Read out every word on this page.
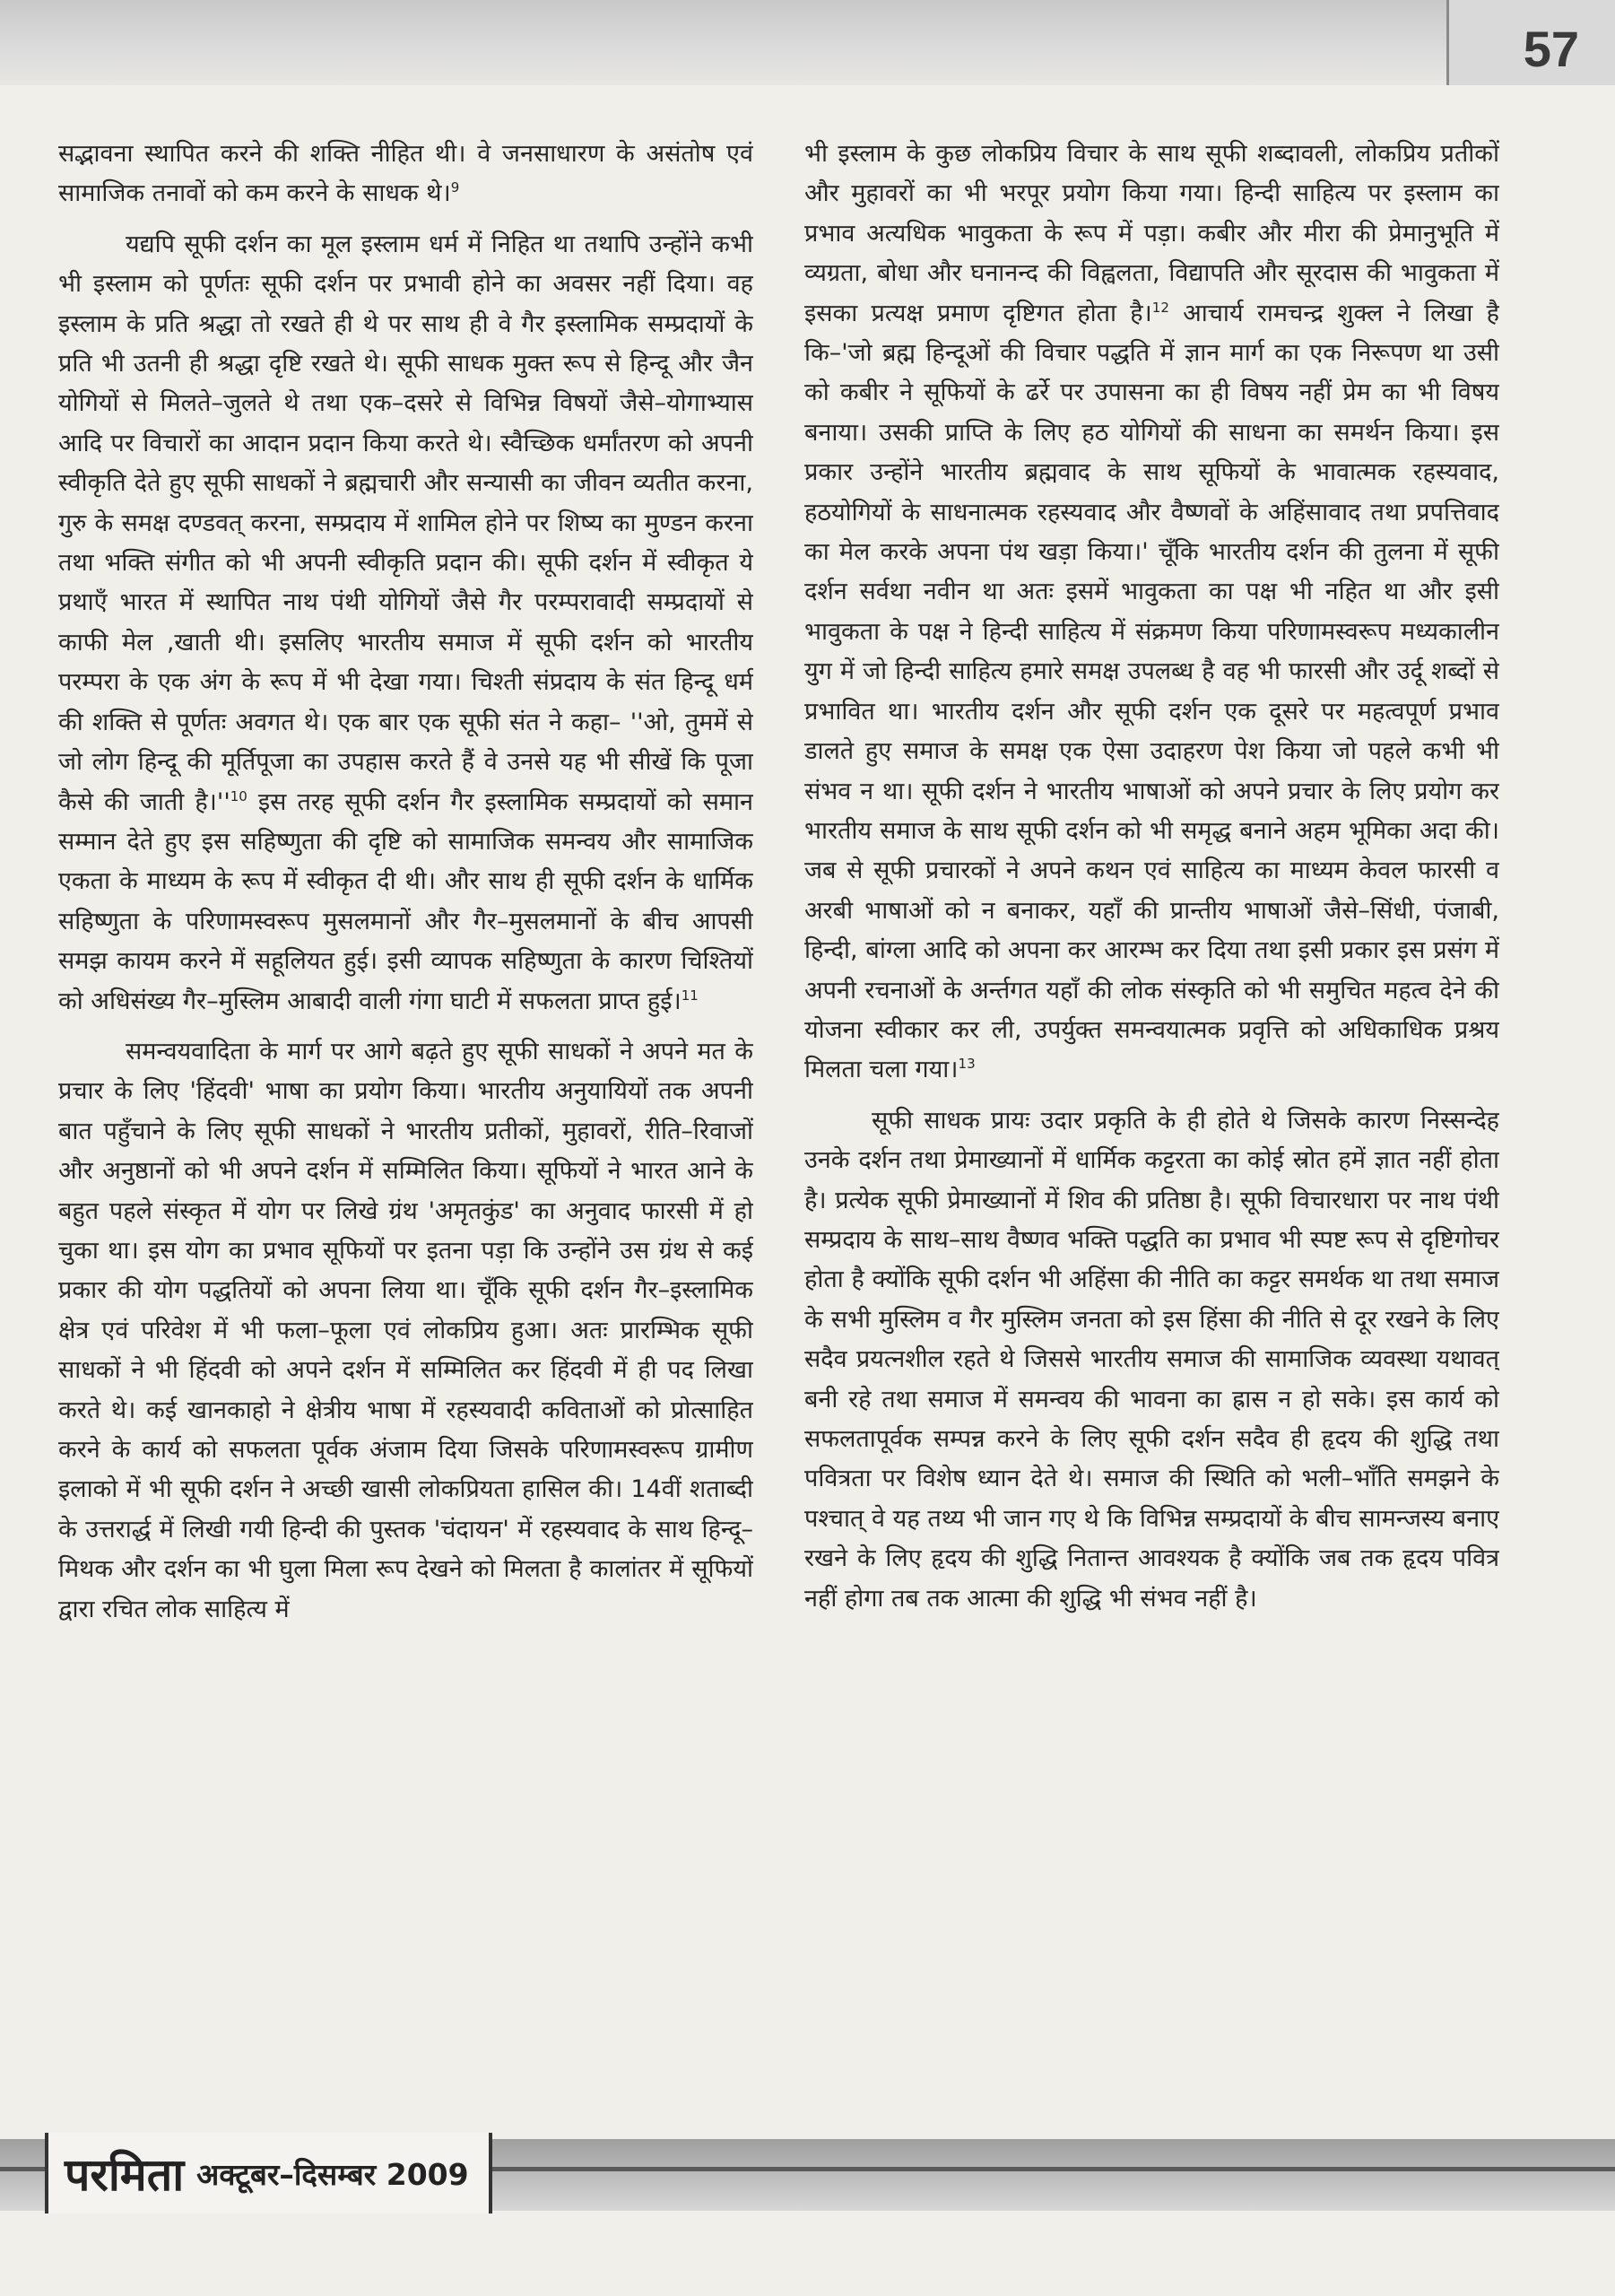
57

सद्भावना स्थापित करने की शक्ति नीहित थी। वे जनसाधारण के असंतोष एवं सामाजिक तनावों को कम करने के साधक थे।$^9$

यद्यपि सूफी दर्शन का मूल इस्लाम धर्म में निहित था तथापि उन्होंने कभी भी इस्लाम को पूर्णतः सूफी दर्शन पर प्रभावी होने का अवसर नहीं दिया। वह इस्लाम के प्रति श्रद्धा तो रखते ही थे पर साथ ही वे गैर इस्लामिक सम्प्रदायों के प्रति भी उतनी ही श्रद्धा दृष्टि रखते थे। सूफी साधक मुक्त रूप से हिन्दू और जैन योगियों से मिलते–जुलते थे तथा एक–दसरे से विभिन्न विषयों जैसे–योगाभ्यास आदि पर विचारों का आदान प्रदान किया करते थे। स्वैच्छिक धर्मांतरण को अपनी स्वीकृति देते हुए सूफी साधकों ने ब्रह्मचारी और सन्यासी का जीवन व्यतीत करना, गुरु के समक्ष दण्डवत् करना, सम्प्रदाय में शामिल होने पर शिष्य का मुण्डन करना तथा भक्ति संगीत को भी अपनी स्वीकृति प्रदान की। सूफी दर्शन में स्वीकृत ये प्रथाएँ भारत में स्थापित नाथ पंथी योगियों जैसे गैर परम्परावादी सम्प्रदायों से काफी मेल ,खाती थी। इसलिए भारतीय समाज में सूफी दर्शन को भारतीय परम्परा के एक अंग के रूप में भी देखा गया। चिश्ती संप्रदाय के संत हिन्दू धर्म की शक्ति से पूर्णतः अवगत थे। एक बार एक सूफी संत ने कहा– ''ओ, तुममें से जो लोग हिन्दू की मूर्तिपूजा का उपहास करते हैं वे उनसे यह भी सीखें कि पूजा कैसे की जाती है।''$^{10}$ इस तरह सूफी दर्शन गैर इस्लामिक सम्प्रदायों को समान सम्मान देते हुए इस सहिष्णुता की दृष्टि को सामाजिक समन्वय और सामाजिक एकता के माध्यम के रूप में स्वीकृत दी थी। और साथ ही सूफी दर्शन के धार्मिक सहिष्णुता के परिणामस्वरूप मुसलमानों और गैर–मुसलमानों के बीच आपसी समझ कायम करने में सहूलियत हुई। इसी व्यापक सहिष्णुता के कारण चिश्तियों को अधिसंख्य गैर–मुस्लिम आबादी वाली गंगा घाटी में सफलता प्राप्त हुई।$^{11}$

समन्वयवादिता के मार्ग पर आगे बढ़ते हुए सूफी साधकों ने अपने मत के प्रचार के लिए 'हिंदवी' भाषा का प्रयोग किया। भारतीय अनुयायियों तक अपनी बात पहुँचाने के लिए सूफी साधकों ने भारतीय प्रतीकों, मुहावरों, रीति–रिवाजों और अनुष्ठानों को भी अपने दर्शन में सम्मिलित किया। सूफियों ने भारत आने के बहुत पहले संस्कृत में योग पर लिखे ग्रंथ 'अमृतकुंड' का अनुवाद फारसी में हो चुका था। इस योग का प्रभाव सूफियों पर इतना पड़ा कि उन्होंने उस ग्रंथ से कई प्रकार की योग पद्धतियों को अपना लिया था। चूँकि सूफी दर्शन गैर–इस्लामिक क्षेत्र एवं परिवेश में भी फला–फूला एवं लोकप्रिय हुआ। अतः प्रारम्भिक सूफी साधकों ने भी हिंदवी को अपने दर्शन में सम्मिलित कर हिंदवी में ही पद लिखा करते थे। कई खानकाहो ने क्षेत्रीय भाषा में रहस्यवादी कविताओं को प्रोत्साहित करने के कार्य को सफलता पूर्वक अंजाम दिया जिसके परिणामस्वरूप ग्रामीण इलाको में भी सूफी दर्शन ने अच्छी खासी लोकप्रियता हासिल की। 14वीं शताब्दी के उत्तरार्द्ध में लिखी गयी हिन्दी की पुस्तक 'चंदायन' में रहस्यवाद के साथ हिन्दू–मिथक और दर्शन का भी घुला मिला रूप देखने को मिलता है कालांतर में सूफियों द्वारा रचित लोक साहित्य में

भी इस्लाम के कुछ लोकप्रिय विचार के साथ सूफी शब्दावली, लोकप्रिय प्रतीकों और मुहावरों का भी भरपूर प्रयोग किया गया। हिन्दी साहित्य पर इस्लाम का प्रभाव अत्यधिक भावुकता के रूप में पड़ा। कबीर और मीरा की प्रेमानुभूति में व्यग्रता, बोधा और घनानन्द की विह्वलता, विद्यापति और सूरदास की भावुकता में इसका प्रत्यक्ष प्रमाण दृष्टिगत होता है।$^{12}$ आचार्य रामचन्द्र शुक्ल ने लिखा है कि–'जो ब्रह्म हिन्दूओं की विचार पद्धति में ज्ञान मार्ग का एक निरूपण था उसी को कबीर ने सूफियों के ढर्रे पर उपासना का ही विषय नहीं प्रेम का भी विषय बनाया। उसकी प्राप्ति के लिए हठ योगियों की साधना का समर्थन किया। इस प्रकार उन्होंने भारतीय ब्रह्मवाद के साथ सूफियों के भावात्मक रहस्यवाद, हठयोगियों के साधनात्मक रहस्यवाद और वैष्णवों के अहिंसावाद तथा प्रपत्तिवाद का मेल करके अपना पंथ खड़ा किया।' चूँकि भारतीय दर्शन की तुलना में सूफी दर्शन सर्वथा नवीन था अतः इसमें भावुकता का पक्ष भी नहित था और इसी भावुकता के पक्ष ने हिन्दी साहित्य में संक्रमण किया परिणामस्वरूप मध्यकालीन युग में जो हिन्दी साहित्य हमारे समक्ष उपलब्ध है वह भी फारसी और उर्दू शब्दों से प्रभावित था। भारतीय दर्शन और सूफी दर्शन एक दूसरे पर महत्वपूर्ण प्रभाव डालते हुए समाज के समक्ष एक ऐसा उदाहरण पेश किया जो पहले कभी भी संभव न था। सूफी दर्शन ने भारतीय भाषाओं को अपने प्रचार के लिए प्रयोग कर भारतीय समाज के साथ सूफी दर्शन को भी समृद्ध बनाने अहम भूमिका अदा की। जब से सूफी प्रचारकों ने अपने कथन एवं साहित्य का माध्यम केवल फारसी व अरबी भाषाओं को न बनाकर, यहाँ की प्रान्तीय भाषाओं जैसे–सिंधी, पंजाबी, हिन्दी, बांग्ला आदि को अपना कर आरम्भ कर दिया तथा इसी प्रकार इस प्रसंग में अपनी रचनाओं के अर्न्तगत यहाँ की लोक संस्कृति को भी समुचित महत्व देने की योजना स्वीकार कर ली, उपर्युक्त समन्वयात्मक प्रवृत्ति को अधिकाधिक प्रश्रय मिलता चला गया।$^{13}$

सूफी साधक प्रायः उदार प्रकृति के ही होते थे जिसके कारण निस्सन्देह उनके दर्शन तथा प्रेमाख्यानों में धार्मिक कट्टरता का कोई स्रोत हमें ज्ञात नहीं होता है। प्रत्येक सूफी प्रेमाख्यानों में शिव की प्रतिष्ठा है। सूफी विचारधारा पर नाथ पंथी सम्प्रदाय के साथ–साथ वैष्णव भक्ति पद्धति का प्रभाव भी स्पष्ट रूप से दृष्टिगोचर होता है क्योंकि सूफी दर्शन भी अहिंसा की नीति का कट्टर समर्थक था तथा समाज के सभी मुस्लिम व गैर मुस्लिम जनता को इस हिंसा की नीति से दूर रखने के लिए सदैव प्रयत्नशील रहते थे जिससे भारतीय समाज की सामाजिक व्यवस्था यथावत् बनी रहे तथा समाज में समन्वय की भावना का ह्रास न हो सके। इस कार्य को सफलतापूर्वक सम्पन्न करने के लिए सूफी दर्शन सदैव ही हृदय की शुद्धि तथा पवित्रता पर विशेष ध्यान देते थे। समाज की स्थिति को भली–भाँति समझने के पश्चात् वे यह तथ्य भी जान गए थे कि विभिन्न सम्प्रदायों के बीच सामन्जस्य बनाए रखने के लिए हृदय की शुद्धि नितान्त आवश्यक है क्योंकि जब तक हृदय पवित्र नहीं होगा तब तक आत्मा की शुद्धि भी संभव नहीं है।

परमिता अक्टूबर–दिसम्बर 2009
